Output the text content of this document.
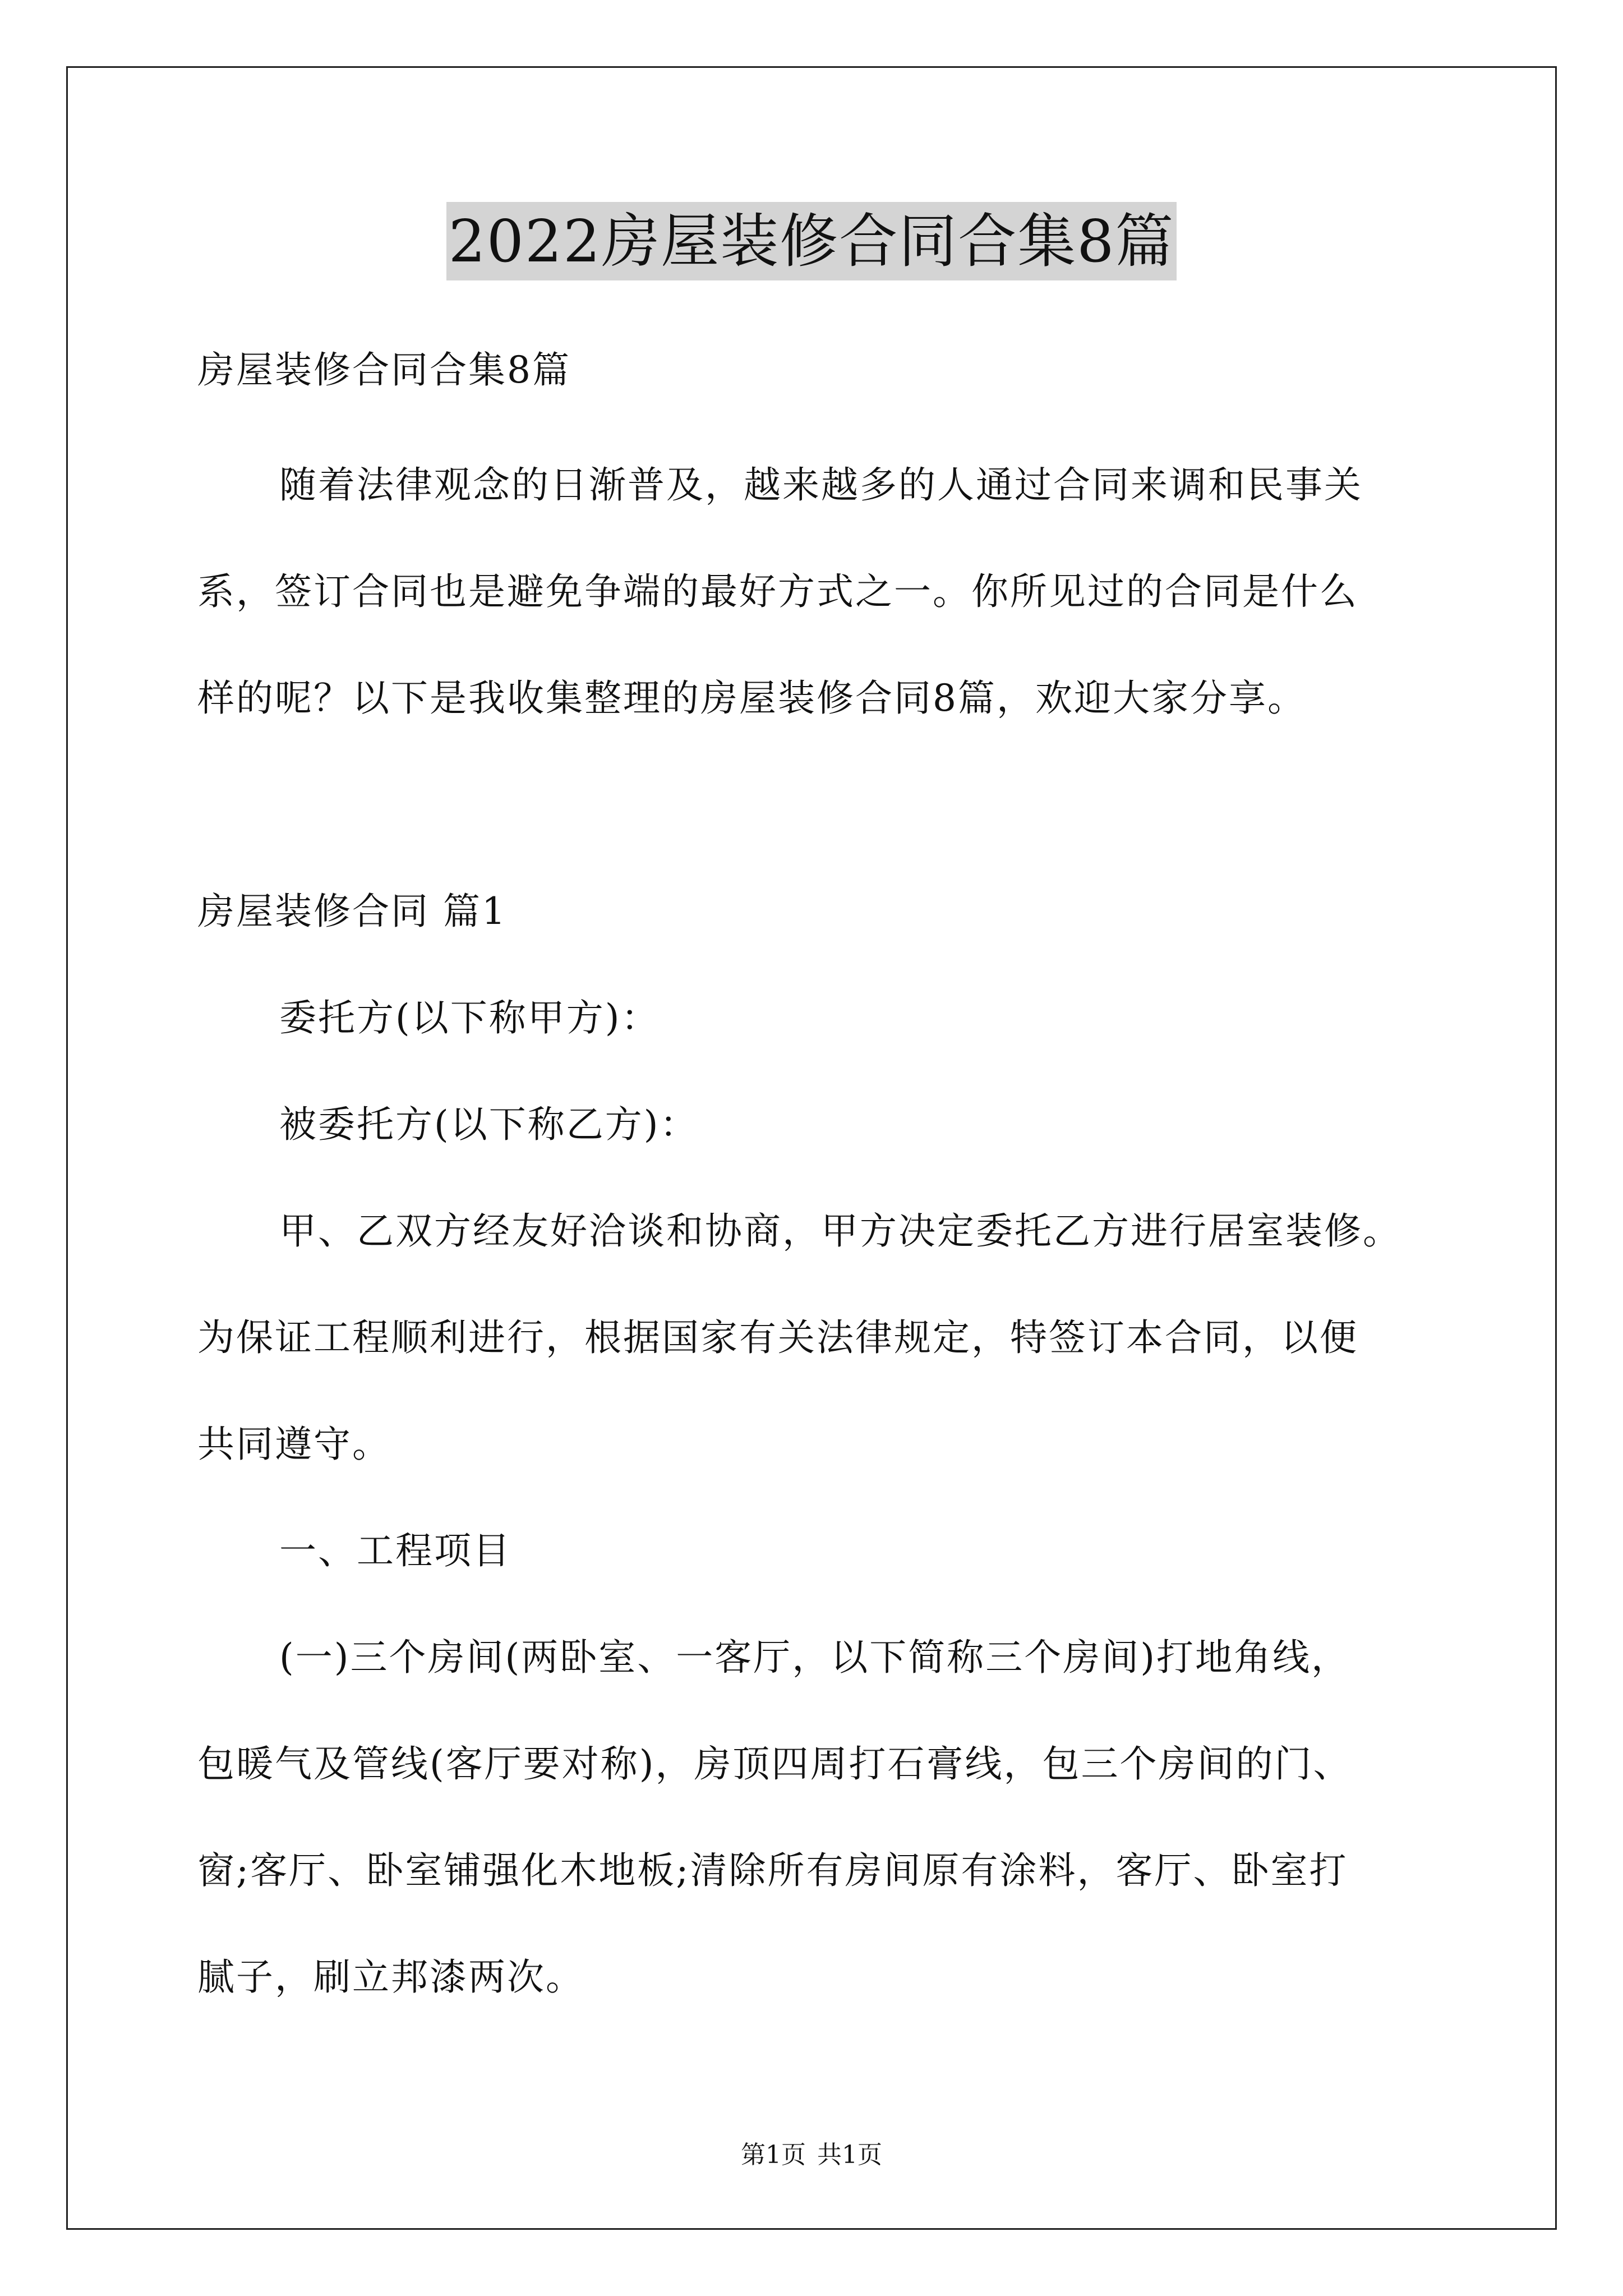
2022房屋装修合同合集8篇
房屋装修合同合集8篇
随着法律观念的日渐普及，越来越多的人通过合同来调和民事关
系，签订合同也是避免争端的最好方式之一。你所见过的合同是什么
样的呢？以下是我收集整理的房屋装修合同8篇，欢迎大家分享。
房屋装修合同 篇1
委托方(以下称甲方)：
被委托方(以下称乙方)：
甲、乙双方经友好洽谈和协商，甲方决定委托乙方进行居室装修。
为保证工程顺利进行，根据国家有关法律规定，特签订本合同，以便
共同遵守。
一、工程项目
(一)三个房间(两卧室、一客厅，以下简称三个房间)打地角线，
包暖气及管线(客厅要对称)，房顶四周打石膏线，包三个房间的门、
窗;客厅、卧室铺强化木地板;清除所有房间原有涂料，客厅、卧室打
腻子，刷立邦漆两次。
第1页 共1页
